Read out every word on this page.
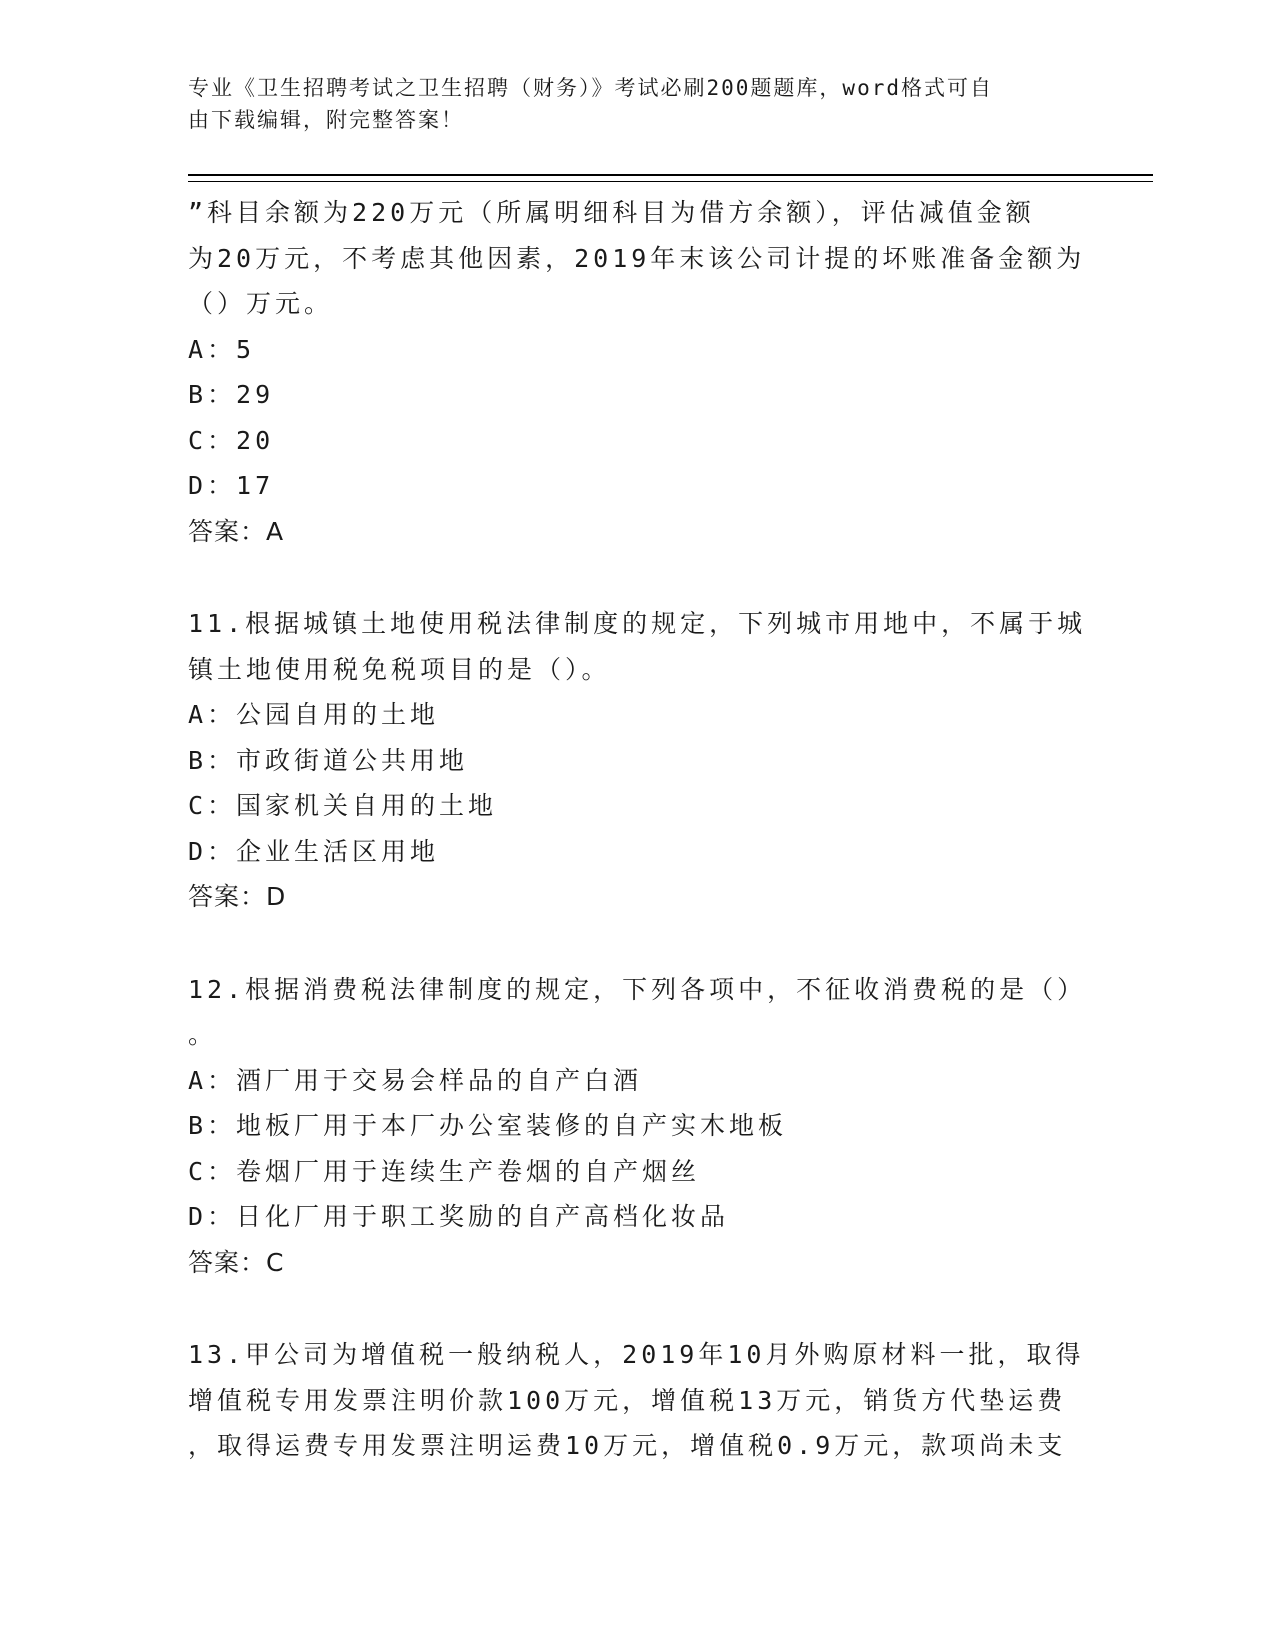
专业《卫生招聘考试之卫生招聘（财务）》考试必刷200题题库，word格式可自
由下载编辑，附完整答案！
”科目余额为220万元（所属明细科目为借方余额），评估减值金额
为20万元，不考虑其他因素，2019年末该公司计提的坏账准备金额为
（）万元。
A：5
B：29
C：20
D：17
答案：A
11.根据城镇土地使用税法律制度的规定，下列城市用地中，不属于城
镇土地使用税免税项目的是（）。
A：公园自用的土地
B：市政街道公共用地
C：国家机关自用的土地
D：企业生活区用地
答案：D
12.根据消费税法律制度的规定，下列各项中，不征收消费税的是（）
。
A：酒厂用于交易会样品的自产白酒
B：地板厂用于本厂办公室装修的自产实木地板
C：卷烟厂用于连续生产卷烟的自产烟丝
D：日化厂用于职工奖励的自产高档化妆品
答案：C
13.甲公司为增值税一般纳税人，2019年10月外购原材料一批，取得
增值税专用发票注明价款100万元，增值税13万元，销货方代垫运费
，取得运费专用发票注明运费10万元，增值税0.9万元，款项尚未支
